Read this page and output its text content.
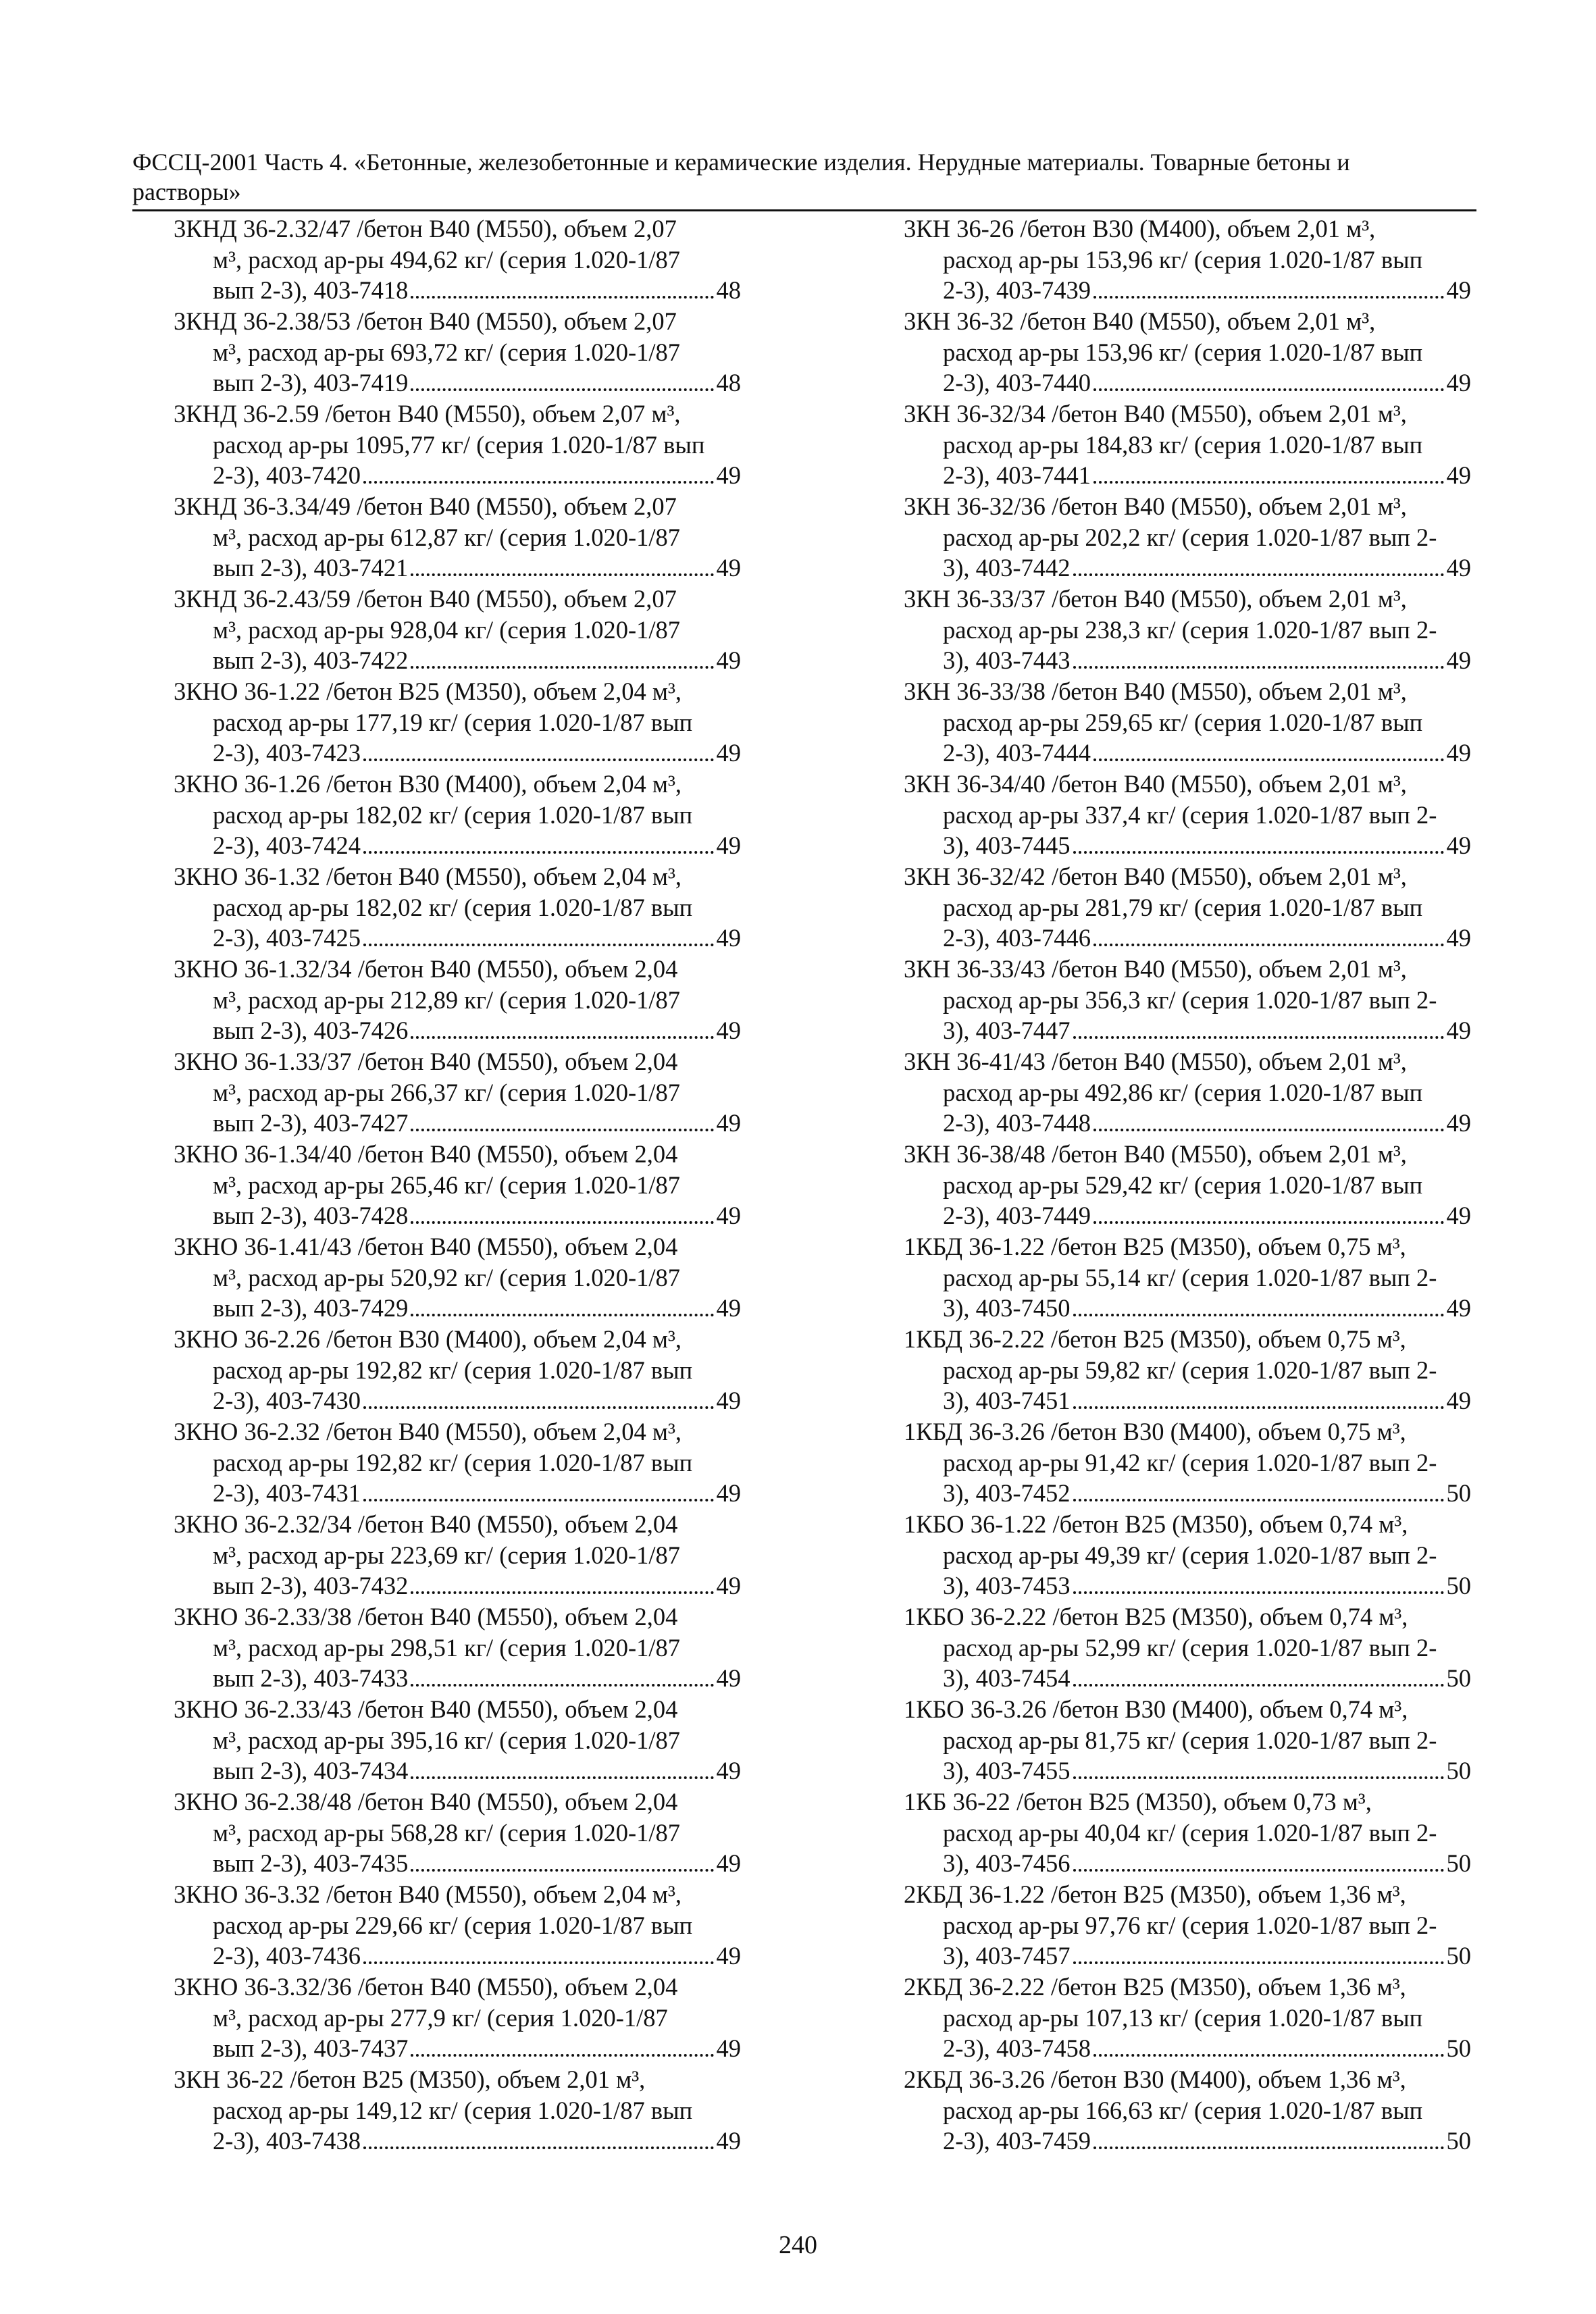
ФССЦ-2001 Часть 4. «Бетонные, железобетонные и керамические изделия. Нерудные материалы. Товарные бетоны и
растворы»
3КНД 36-2.32/47 /бетон В40 (М550), объем 2,07
м³, расход ар-ры 494,62 кг/ (серия 1.020-1/87
вып 2-3), 403-7418	48
3КНД 36-2.38/53 /бетон В40 (М550), объем 2,07
м³, расход ар-ры 693,72 кг/ (серия 1.020-1/87
вып 2-3), 403-7419	48
3КНД 36-2.59 /бетон В40 (М550), объем 2,07 м³,
расход ар-ры 1095,77 кг/ (серия 1.020-1/87 вып
2-3), 403-7420	49
3КНД 36-3.34/49 /бетон В40 (М550), объем 2,07
м³, расход ар-ры 612,87 кг/ (серия 1.020-1/87
вып 2-3), 403-7421	49
3КНД 36-2.43/59 /бетон В40 (М550), объем 2,07
м³, расход ар-ры 928,04 кг/ (серия 1.020-1/87
вып 2-3), 403-7422	49
3КНО 36-1.22 /бетон В25 (М350), объем 2,04 м³,
расход ар-ры 177,19 кг/ (серия 1.020-1/87 вып
2-3), 403-7423	49
3КНО 36-1.26 /бетон В30 (М400), объем 2,04 м³,
расход ар-ры 182,02 кг/ (серия 1.020-1/87 вып
2-3), 403-7424	49
3КНО 36-1.32 /бетон В40 (М550), объем 2,04 м³,
расход ар-ры 182,02 кг/ (серия 1.020-1/87 вып
2-3), 403-7425	49
3КНО 36-1.32/34 /бетон В40 (М550), объем 2,04
м³, расход ар-ры 212,89 кг/ (серия 1.020-1/87
вып 2-3), 403-7426	49
3КНО 36-1.33/37 /бетон В40 (М550), объем 2,04
м³, расход ар-ры 266,37 кг/ (серия 1.020-1/87
вып 2-3), 403-7427	49
3КНО 36-1.34/40 /бетон В40 (М550), объем 2,04
м³, расход ар-ры 265,46 кг/ (серия 1.020-1/87
вып 2-3), 403-7428	49
3КНО 36-1.41/43 /бетон В40 (М550), объем 2,04
м³, расход ар-ры 520,92 кг/ (серия 1.020-1/87
вып 2-3), 403-7429	49
3КНО 36-2.26 /бетон В30 (М400), объем 2,04 м³,
расход ар-ры 192,82 кг/ (серия 1.020-1/87 вып
2-3), 403-7430	49
3КНО 36-2.32 /бетон В40 (М550), объем 2,04 м³,
расход ар-ры 192,82 кг/ (серия 1.020-1/87 вып
2-3), 403-7431	49
3КНО 36-2.32/34 /бетон В40 (М550), объем 2,04
м³, расход ар-ры 223,69 кг/ (серия 1.020-1/87
вып 2-3), 403-7432	49
3КНО 36-2.33/38 /бетон В40 (М550), объем 2,04
м³, расход ар-ры 298,51 кг/ (серия 1.020-1/87
вып 2-3), 403-7433	49
3КНО 36-2.33/43 /бетон В40 (М550), объем 2,04
м³, расход ар-ры 395,16 кг/ (серия 1.020-1/87
вып 2-3), 403-7434	49
3КНО 36-2.38/48 /бетон В40 (М550), объем 2,04
м³, расход ар-ры 568,28 кг/ (серия 1.020-1/87
вып 2-3), 403-7435	49
3КНО 36-3.32 /бетон В40 (М550), объем 2,04 м³,
расход ар-ры 229,66 кг/ (серия 1.020-1/87 вып
2-3), 403-7436	49
3КНО 36-3.32/36 /бетон В40 (М550), объем 2,04
м³, расход ар-ры 277,9 кг/ (серия 1.020-1/87
вып 2-3), 403-7437	49
3КН 36-22 /бетон В25 (М350), объем 2,01 м³,
расход ар-ры 149,12 кг/ (серия 1.020-1/87 вып
2-3), 403-7438	49
3КН 36-26 /бетон В30 (М400), объем 2,01 м³,
расход ар-ры 153,96 кг/ (серия 1.020-1/87 вып
2-3), 403-7439	49
3КН 36-32 /бетон В40 (М550), объем 2,01 м³,
расход ар-ры 153,96 кг/ (серия 1.020-1/87 вып
2-3), 403-7440	49
3КН 36-32/34 /бетон В40 (М550), объем 2,01 м³,
расход ар-ры 184,83 кг/ (серия 1.020-1/87 вып
2-3), 403-7441	49
3КН 36-32/36 /бетон В40 (М550), объем 2,01 м³,
расход ар-ры 202,2 кг/ (серия 1.020-1/87 вып 2-
3), 403-7442	49
3КН 36-33/37 /бетон В40 (М550), объем 2,01 м³,
расход ар-ры 238,3 кг/ (серия 1.020-1/87 вып 2-
3), 403-7443	49
3КН 36-33/38 /бетон В40 (М550), объем 2,01 м³,
расход ар-ры 259,65 кг/ (серия 1.020-1/87 вып
2-3), 403-7444	49
3КН 36-34/40 /бетон В40 (М550), объем 2,01 м³,
расход ар-ры 337,4 кг/ (серия 1.020-1/87 вып 2-
3), 403-7445	49
3КН 36-32/42 /бетон В40 (М550), объем 2,01 м³,
расход ар-ры 281,79 кг/ (серия 1.020-1/87 вып
2-3), 403-7446	49
3КН 36-33/43 /бетон В40 (М550), объем 2,01 м³,
расход ар-ры 356,3 кг/ (серия 1.020-1/87 вып 2-
3), 403-7447	49
3КН 36-41/43 /бетон В40 (М550), объем 2,01 м³,
расход ар-ры 492,86 кг/ (серия 1.020-1/87 вып
2-3), 403-7448	49
3КН 36-38/48 /бетон В40 (М550), объем 2,01 м³,
расход ар-ры 529,42 кг/ (серия 1.020-1/87 вып
2-3), 403-7449	49
1КБД 36-1.22 /бетон В25 (М350), объем 0,75 м³,
расход ар-ры 55,14 кг/ (серия 1.020-1/87 вып 2-
3), 403-7450	49
1КБД 36-2.22 /бетон В25 (М350), объем 0,75 м³,
расход ар-ры 59,82 кг/ (серия 1.020-1/87 вып 2-
3), 403-7451	49
1КБД 36-3.26 /бетон В30 (М400), объем 0,75 м³,
расход ар-ры 91,42 кг/ (серия 1.020-1/87 вып 2-
3), 403-7452	50
1КБО 36-1.22 /бетон В25 (М350), объем 0,74 м³,
расход ар-ры 49,39 кг/ (серия 1.020-1/87 вып 2-
3), 403-7453	50
1КБО 36-2.22 /бетон В25 (М350), объем 0,74 м³,
расход ар-ры 52,99 кг/ (серия 1.020-1/87 вып 2-
3), 403-7454	50
1КБО 36-3.26 /бетон В30 (М400), объем 0,74 м³,
расход ар-ры 81,75 кг/ (серия 1.020-1/87 вып 2-
3), 403-7455	50
1КБ 36-22 /бетон В25 (М350), объем 0,73 м³,
расход ар-ры 40,04 кг/ (серия 1.020-1/87 вып 2-
3), 403-7456	50
2КБД 36-1.22 /бетон В25 (М350), объем 1,36 м³,
расход ар-ры 97,76 кг/ (серия 1.020-1/87 вып 2-
3), 403-7457	50
2КБД 36-2.22 /бетон В25 (М350), объем 1,36 м³,
расход ар-ры 107,13 кг/ (серия 1.020-1/87 вып
2-3), 403-7458	50
2КБД 36-3.26 /бетон В30 (М400), объем 1,36 м³,
расход ар-ры 166,63 кг/ (серия 1.020-1/87 вып
2-3), 403-7459	50
240
